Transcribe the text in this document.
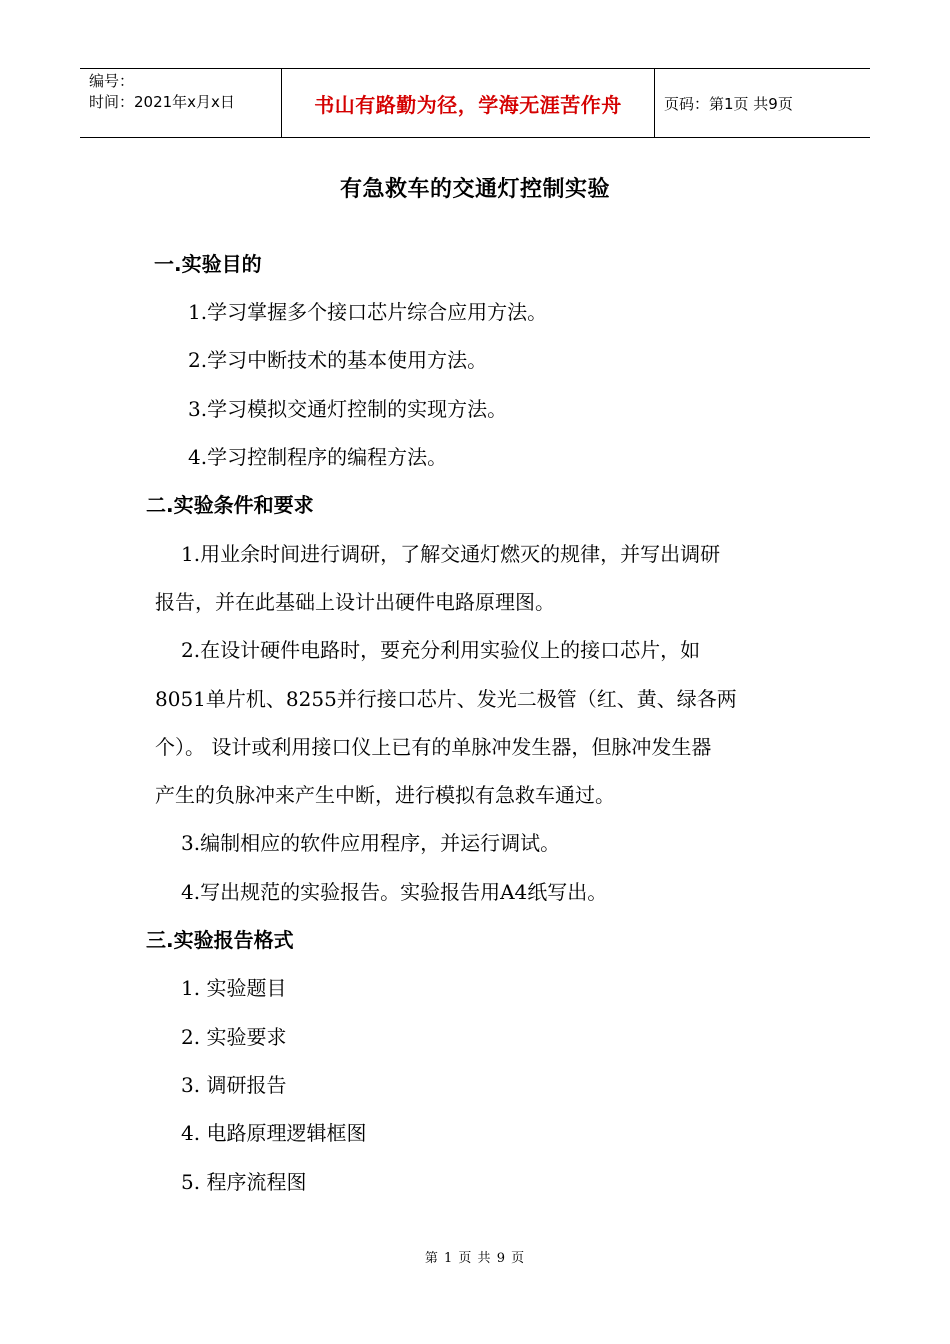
编号：
时间：2021年x月x日	书山有路勤为径，学海无涯苦作舟	页码：第1页 共9页
有急救车的交通灯控制实验
一.实验目的
1.学习掌握多个接口芯片综合应用方法。
2.学习中断技术的基本使用方法。
3.学习模拟交通灯控制的实现方法。
4.学习控制程序的编程方法。
二.实验条件和要求
1.用业余时间进行调研，了解交通灯燃灭的规律，并写出调研
报告，并在此基础上设计出硬件电路原理图。
2.在设计硬件电路时，要充分利用实验仪上的接口芯片，如
8051单片机、8255并行接口芯片、发光二极管（红、黄、绿各两
个）。 设计或利用接口仪上已有的单脉冲发生器，但脉冲发生器
产生的负脉冲来产生中断，进行模拟有急救车通过。
3.编制相应的软件应用程序，并运行调试。
4.写出规范的实验报告。实验报告用A4纸写出。
三.实验报告格式
1. 实验题目
2. 实验要求
3. 调研报告
4. 电路原理逻辑框图
5. 程序流程图
第 1 页 共 9 页
